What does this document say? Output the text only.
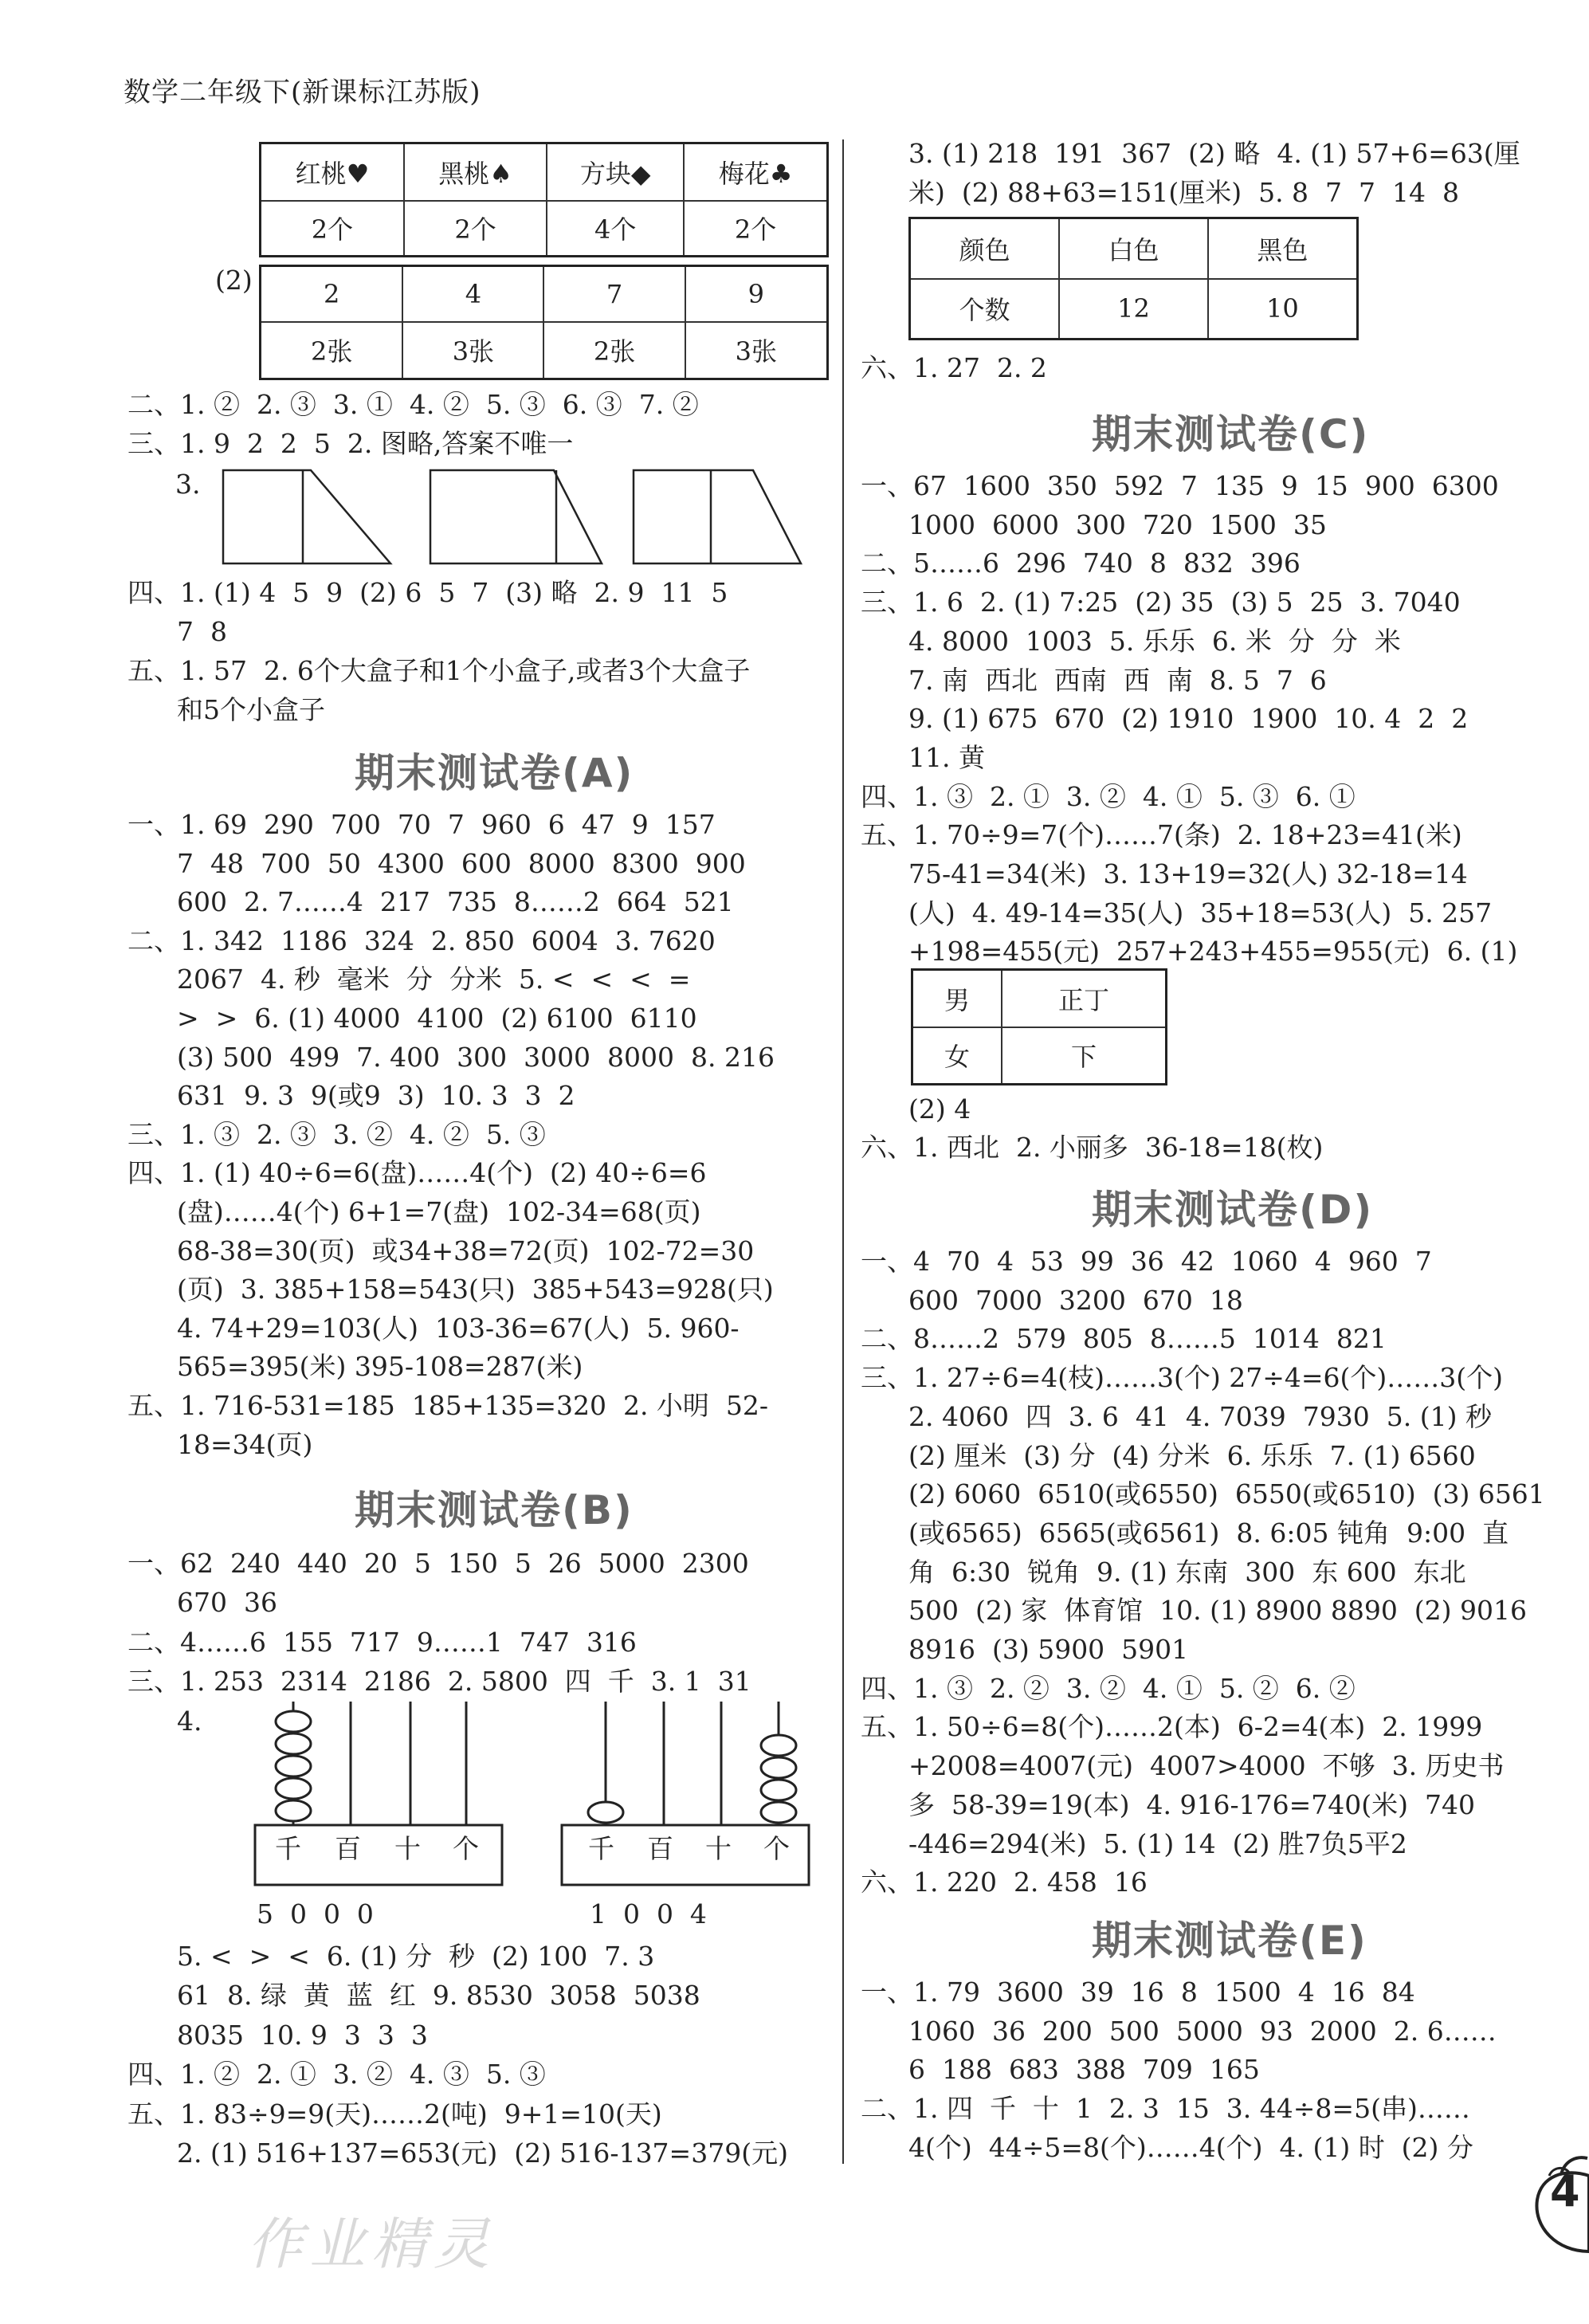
数学二年级下(新课标江苏版)
红桃♥	黑桃♠	方块◆	梅花♣
2个	2个	4个	2个
(2)	2	4	7	9
2张	3张	2张	3张
二、1. ②  2. ③  3. ①  4. ②  5. ③  6. ③  7. ②
三、1. 9  2  2  5  2. 图略,答案不唯一
3.
四、1. (1) 4  5  9  (2) 6  5  7  (3) 略  2. 9  11  5
7  8
五、1. 57  2. 6个大盒子和1个小盒子,或者3个大盒子
和5个小盒子
期末测试卷(A)
一、1. 69  290  700  70  7  960  6  47  9  157
7  48  700  50  4300  600  8000  8300  900
600  2. 7……4  217  735  8……2  664  521
二、1. 342  1186  324  2. 850  6004  3. 7620
2067  4. 秒  毫米  分  分米  5. <  <  <  =
>  >  6. (1) 4000  4100  (2) 6100  6110
(3) 500  499  7. 400  300  3000  8000  8. 216
631  9. 3  9(或9  3)  10. 3  3  2
三、1. ③  2. ③  3. ②  4. ②  5. ③
四、1. (1) 40÷6=6(盘)……4(个)  (2) 40÷6=6
(盘)……4(个) 6+1=7(盘)  102-34=68(页)
68-38=30(页)  或34+38=72(页)  102-72=30
(页)  3. 385+158=543(只)  385+543=928(只)
4. 74+29=103(人)  103-36=67(人)  5. 960-
565=395(米) 395-108=287(米)
五、1. 716-531=185  185+135=320  2. 小明  52-
18=34(页)
期末测试卷(B)
一、62  240  440  20  5  150  5  26  5000  2300
670  36
二、4……6  155  717  9……1  747  316
三、1. 253  2314  2186  2. 5800  四  千  3. 1  31
4.
千 百 十 个
5  0  0  0
千 百 十 个
1  0  0  4
5. <  >  <  6. (1) 分  秒  (2) 100  7. 3
61  8. 绿  黄  蓝  红  9. 8530  3058  5038
8035  10. 9  3  3  3
四、1. ②  2. ①  3. ②  4. ③  5. ③
五、1. 83÷9=9(天)……2(吨)  9+1=10(天)
2. (1) 516+137=653(元)  (2) 516-137=379(元)
作业精灵
3. (1) 218  191  367  (2) 略  4. (1) 57+6=63(厘
米)  (2) 88+63=151(厘米)  5. 8  7  7  14  8
颜色	白色	黑色
个数	12	10
六、1. 27  2. 2
期末测试卷(C)
一、67  1600  350  592  7  135  9  15  900  6300
1000  6000  300  720  1500  35
二、5……6  296  740  8  832  396
三、1. 6  2. (1) 7:25  (2) 35  (3) 5  25  3. 7040
4. 8000  1003  5. 乐乐  6. 米  分  分  米
7. 南  西北  西南  西  南  8. 5  7  6
9. (1) 675  670  (2) 1910  1900  10. 4  2  2
11. 黄
四、1. ③  2. ①  3. ②  4. ①  5. ③  6. ①
五、1. 70÷9=7(个)……7(条)  2. 18+23=41(米)
75-41=34(米)  3. 13+19=32(人) 32-18=14
(人)  4. 49-14=35(人)  35+18=53(人)  5. 257
+198=455(元)  257+243+455=955(元)  6. (1)
男	正丁
女	下
(2) 4
六、1. 西北  2. 小丽多  36-18=18(枚)
期末测试卷(D)
一、4  70  4  53  99  36  42  1060  4  960  7
600  7000  3200  670  18
二、8……2  579  805  8……5  1014  821
三、1. 27÷6=4(枝)……3(个) 27÷4=6(个)……3(个)
2. 4060  四  3. 6  41  4. 7039  7930  5. (1) 秒
(2) 厘米  (3) 分  (4) 分米  6. 乐乐  7. (1) 6560
(2) 6060  6510(或6550)  6550(或6510)  (3) 6561
(或6565)  6565(或6561)  8. 6:05 钝角  9:00  直
角  6:30  锐角  9. (1) 东南  300  东 600  东北
500  (2) 家  体育馆  10. (1) 8900 8890  (2) 9016
8916  (3) 5900  5901
四、1. ③  2. ②  3. ②  4. ①  5. ②  6. ②
五、1. 50÷6=8(个)……2(本)  6-2=4(本)  2. 1999
+2008=4007(元)  4007>4000  不够  3. 历史书
多  58-39=19(本)  4. 916-176=740(米)  740
-446=294(米)  5. (1) 14  (2) 胜7负5平2
六、1. 220  2. 458  16
期末测试卷(E)
一、1. 79  3600  39  16  8  1500  4  16  84
1060  36  200  500  5000  93  2000  2. 6……
6  188  683  388  709  165
二、1. 四  千  十  1  2. 3  15  3. 44÷8=5(串)……
4(个)  44÷5=8(个)……4(个)  4. (1) 时  (2) 分
4
